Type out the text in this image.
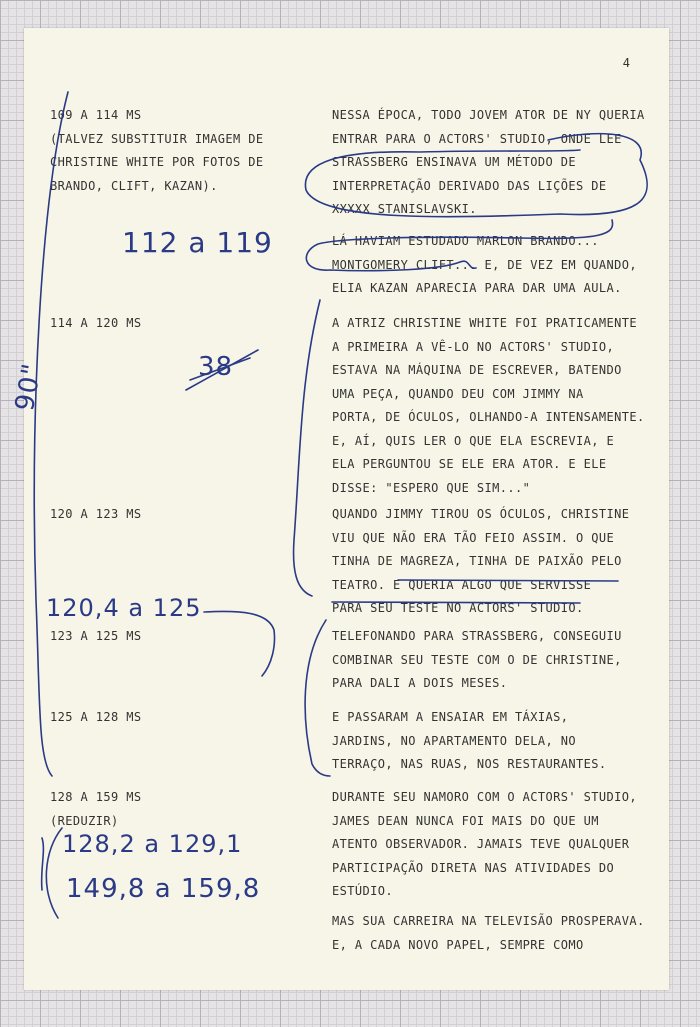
4
109 A 114 MS
(TALVEZ SUBSTITUIR IMAGEM DE
CHRISTINE WHITE POR FOTOS DE
BRANDO, CLIFT, KAZAN).
114 A 120 MS
120 A 123 MS
123 A 125 MS
125 A 128 MS
128 A 159 MS
(REDUZIR)
NESSA ÉPOCA, TODO JOVEM ATOR DE NY QUERIA
ENTRAR PARA O ACTORS' STUDIO, ONDE LEE
STRASSBERG ENSINAVA UM MÉTODO DE
INTERPRETAÇÃO DERIVADO DAS LIÇÕES DE
XXXXX STANISLAVSKI.
LÁ HAVIAM ESTUDADO MARLON BRANDO...
MONTGOMERY CLIFT... E, DE VEZ EM QUANDO,
ELIA KAZAN APARECIA PARA DAR UMA AULA.
A ATRIZ CHRISTINE WHITE FOI PRATICAMENTE
A PRIMEIRA A VÊ-LO NO ACTORS' STUDIO,
ESTAVA NA MÁQUINA DE ESCREVER, BATENDO
UMA PEÇA, QUANDO DEU COM JIMMY NA
PORTA, DE ÓCULOS, OLHANDO-A INTENSAMENTE.
E, AÍ, QUIS LER O QUE ELA ESCREVIA, E
ELA PERGUNTOU SE ELE ERA ATOR. E ELE
DISSE: "ESPERO QUE SIM..."
QUANDO JIMMY TIROU OS ÓCULOS, CHRISTINE
VIU QUE NÃO ERA TÃO FEIO ASSIM. O QUE
TINHA DE MAGREZA, TINHA DE PAIXÃO PELO
TEATRO. E QUERIA ALGO QUE SERVISSE
PARA SEU TESTE NO ACTORS' STUDIO.
TELEFONANDO PARA STRASSBERG, CONSEGUIU
COMBINAR SEU TESTE COM O DE CHRISTINE,
PARA DALI A DOIS MESES.
E PASSARAM A ENSAIAR EM TÁXIAS,
JARDINS, NO APARTAMENTO DELA, NO
TERRAÇO, NAS RUAS, NOS RESTAURANTES.
DURANTE SEU NAMORO COM O ACTORS' STUDIO,
JAMES DEAN NUNCA FOI MAIS DO QUE UM
ATENTO OBSERVADOR. JAMAIS TEVE QUALQUER
PARTICIPAÇÃO DIRETA NAS ATIVIDADES DO
ESTÚDIO.
MAS SUA CARREIRA NA TELEVISÃO PROSPERAVA.
E, A CADA NOVO PAPEL, SEMPRE COMO
112 a 119
38
90"
120,4 a 125
128,2 a 129,1
149,8 a 159,8
